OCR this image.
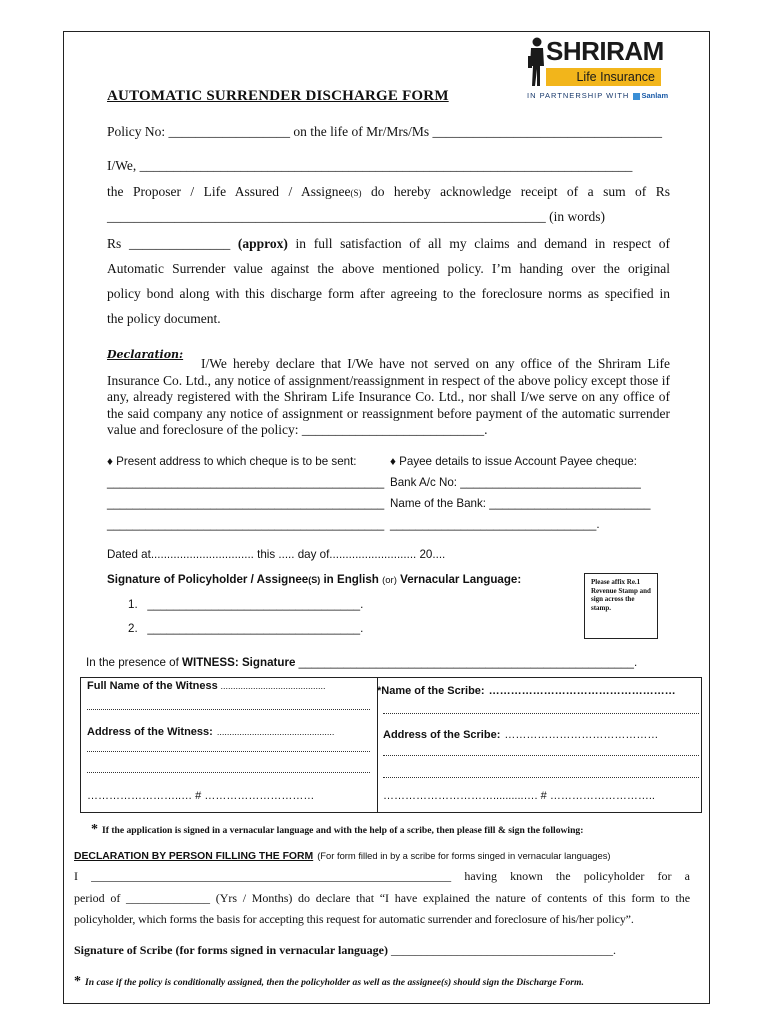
SHRIRAM
Life Insurance
IN PARTNERSHIP WITH Sanlam
AUTOMATIC SURRENDER DISCHARGE FORM
Policy No: __________________ on the life of Mr/Mrs/Ms __________________________________
I/We, _________________________________________________________________________
the Proposer / Life Assured / Assignee(S) do hereby acknowledge receipt of a sum of Rs
_________________________________________________________________ (in words)
Rs _______________ (approx) in full satisfaction of all my claims and demand in respect of
Automatic Surrender value against the above mentioned policy. I’m handing over the original
policy bond along with this discharge form after agreeing to the foreclosure norms as specified in
the policy document.
Declaration:
I/We hereby declare that I/We have not served on any office of the Shriram Life Insurance Co. Ltd., any notice of assignment/reassignment in respect of the above policy except those if any, already registered with the Shriram Life Insurance Co. Ltd., nor shall I/we serve on any office of the said company any notice of assignment or reassignment before payment of the automatic surrender value and foreclosure of the policy: ___________________________.
♦ Present address to which cheque is to be sent:
___________________________________________
___________________________________________
___________________________________________
♦ Payee details to issue Account Payee cheque:
Bank A/c No: ____________________________
Name of the Bank: _________________________
________________________________.
Dated at................................ this ..... day of........................... 20....
Signature of Policyholder / Assignee(S) in English (or) Vernacular Language:
1. _________________________________.
2. _________________________________.
Please affix Re.1 Revenue Stamp and sign across the stamp.
In the presence of WITNESS: Signature ____________________________________________________.
Full Name of the Witness ..........................................
Address of the Witness: ...............................................
……………………..… # …………………………
*Name of the Scribe: ……………………………………………
Address of the Scribe: ……………………………………
…………………………..........…. # ………………………..
* If the application is signed in a vernacular language and with the help of a scribe, then please fill & sign the following:
DECLARATION BY PERSON FILLING THE FORM (For form filled in by a scribe for forms singed in vernacular languages)
I ____________________________________________________________ having known the policyholder for a
period of ______________ (Yrs / Months) do declare that “I have explained the nature of contents of this form to the
policyholder, which forms the basis for accepting this request for automatic surrender and foreclosure of his/her policy”.
Signature of Scribe (for forms signed in vernacular language) _____________________________________.
* In case if the policy is conditionally assigned, then the policyholder as well as the assignee(s) should sign the Discharge Form.
